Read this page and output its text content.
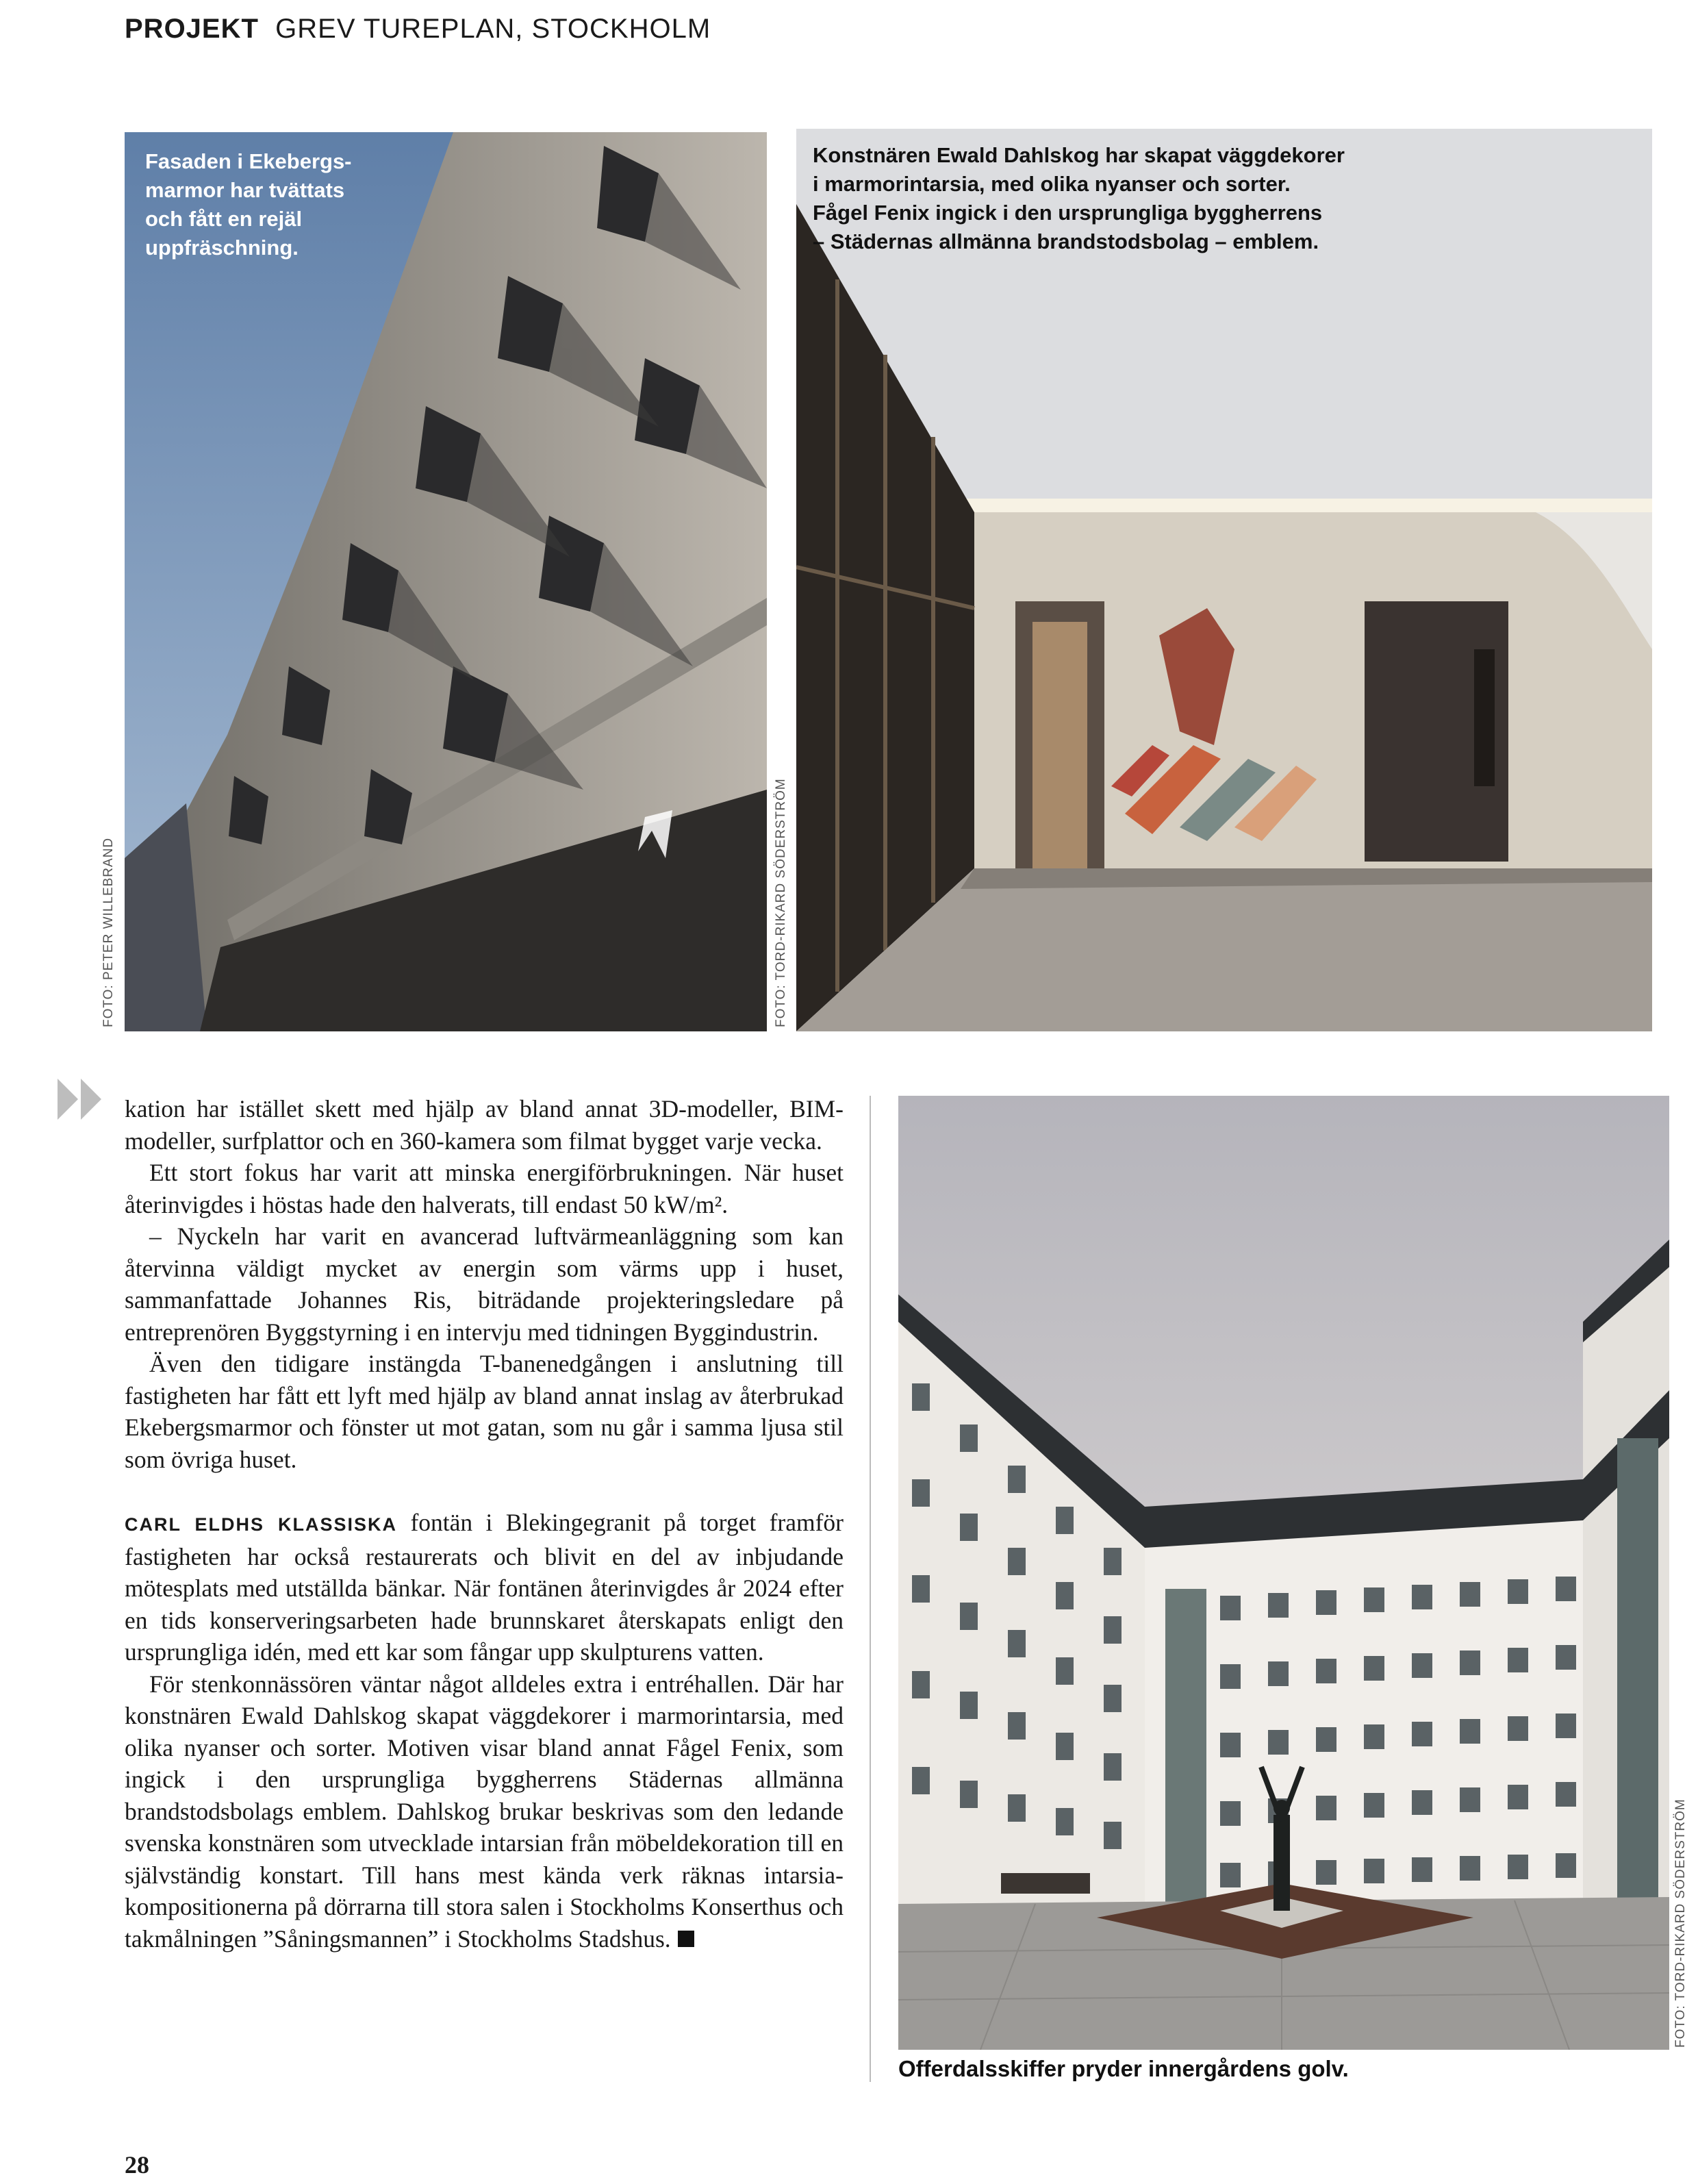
PROJEKT GREV TUREPLAN, STOCKHOLM
Fasaden i Ekebergs-
marmor har tvättats
och fått en rejäl
uppfräschning.
FOTO: PETER WILLEBRAND
Konstnären Ewald Dahlskog har skapat väggdekorer
i marmorintarsia, med olika nyanser och sorter.
Fågel Fenix ingick i den ursprungliga byggherrens
– Städernas allmänna brandstodsbolag – emblem.
FOTO: TORD-RIKARD SÖDERSTRÖM

kation har istället skett med hjälp av bland annat 3D-modeller, BIM-modeller, surfplattor och en 360-kamera som filmat bygget varje vecka.

Ett stort fokus har varit att minska energiförbrukningen. När huset återinvigdes i höstas hade den halverats, till endast 50 kW/m².

– Nyckeln har varit en avancerad luftvärmeanläggning som kan återvinna väldigt mycket av energin som värms upp i huset, sammanfattade Johannes Ris, biträdande projekteringsledare på entreprenören Byggstyrning i en intervju med tidningen Byggindustrin.

Även den tidigare instängda T-banenedgången i anslutning till fastigheten har fått ett lyft med hjälp av bland annat inslag av återbrukad Ekebergsmarmor och fönster ut mot gatan, som nu går i samma ljusa stil som övriga huset.

CARL ELDHS KLASSISKA fontän i Blekingegranit på torget framför fastigheten har också restaurerats och blivit en del av inbjudande mötesplats med utställda bänkar. När fontänen återinvigdes år 2024 efter en tids konserveringsarbeten hade brunnskaret återskapats enligt den ursprungliga idén, med ett kar som fångar upp skulpturens vatten.

För stenkonnässören väntar något alldeles extra i entréhallen. Där har konstnären Ewald Dahlskog skapat väggdekorer i marmorintarsia, med olika nyanser och sorter. Motiven visar bland annat Fågel Fenix, som ingick i den ursprungliga byggherrens Städernas allmänna brandstodsbolags emblem. Dahlskog brukar beskrivas som den ledande svenska konstnären som utvecklade intarsian från möbeldekoration till en självständig konstart. Till hans mest kända verk räknas intarsia-kompositionerna på dörrarna till stora salen i Stockholms Konserthus och takmålningen ”Såningsmannen” i Stockholms Stadshus.	FOTO: TORD-RIKARD SÖDERSTRÖM
Offerdalsskiffer pryder innergårdens golv.
28
